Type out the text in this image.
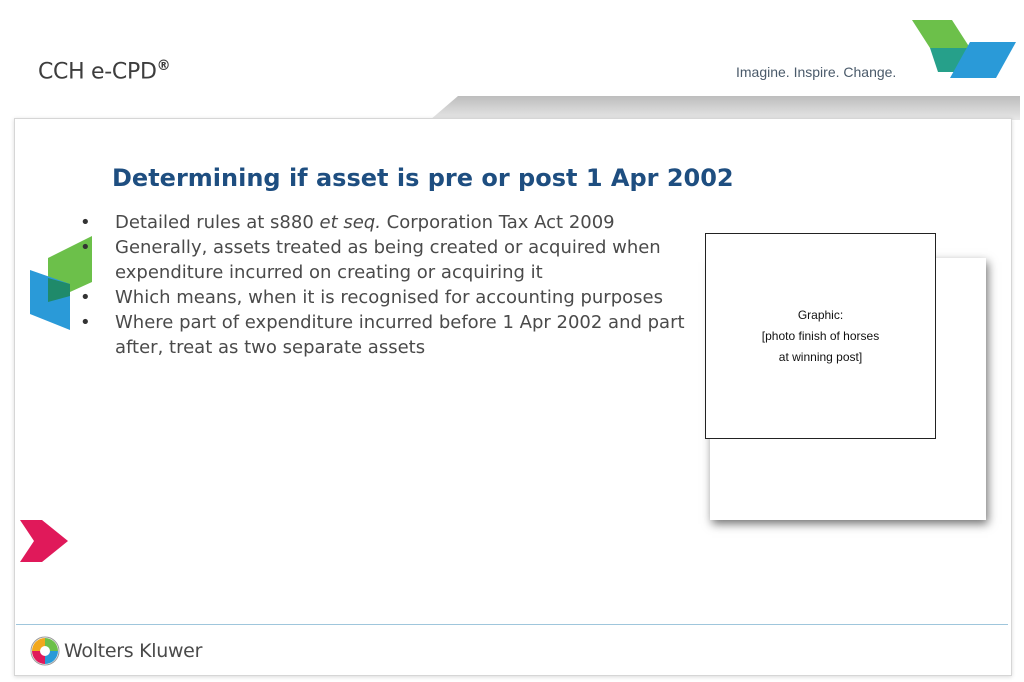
CCH e-CPD®	Imagine. Inspire. Change.
Determining if asset is pre or post 1 Apr 2002
• Detailed rules at s880 et seq. Corporation Tax Act 2009
• Generally, assets treated as being created or acquired when expenditure incurred on creating or acquiring it
• Which means, when it is recognised for accounting purposes
• Where part of expenditure incurred before 1 Apr 2002 and part after, treat as two separate assets
Graphic:
[photo finish of horses
at winning post]
Wolters Kluwer
